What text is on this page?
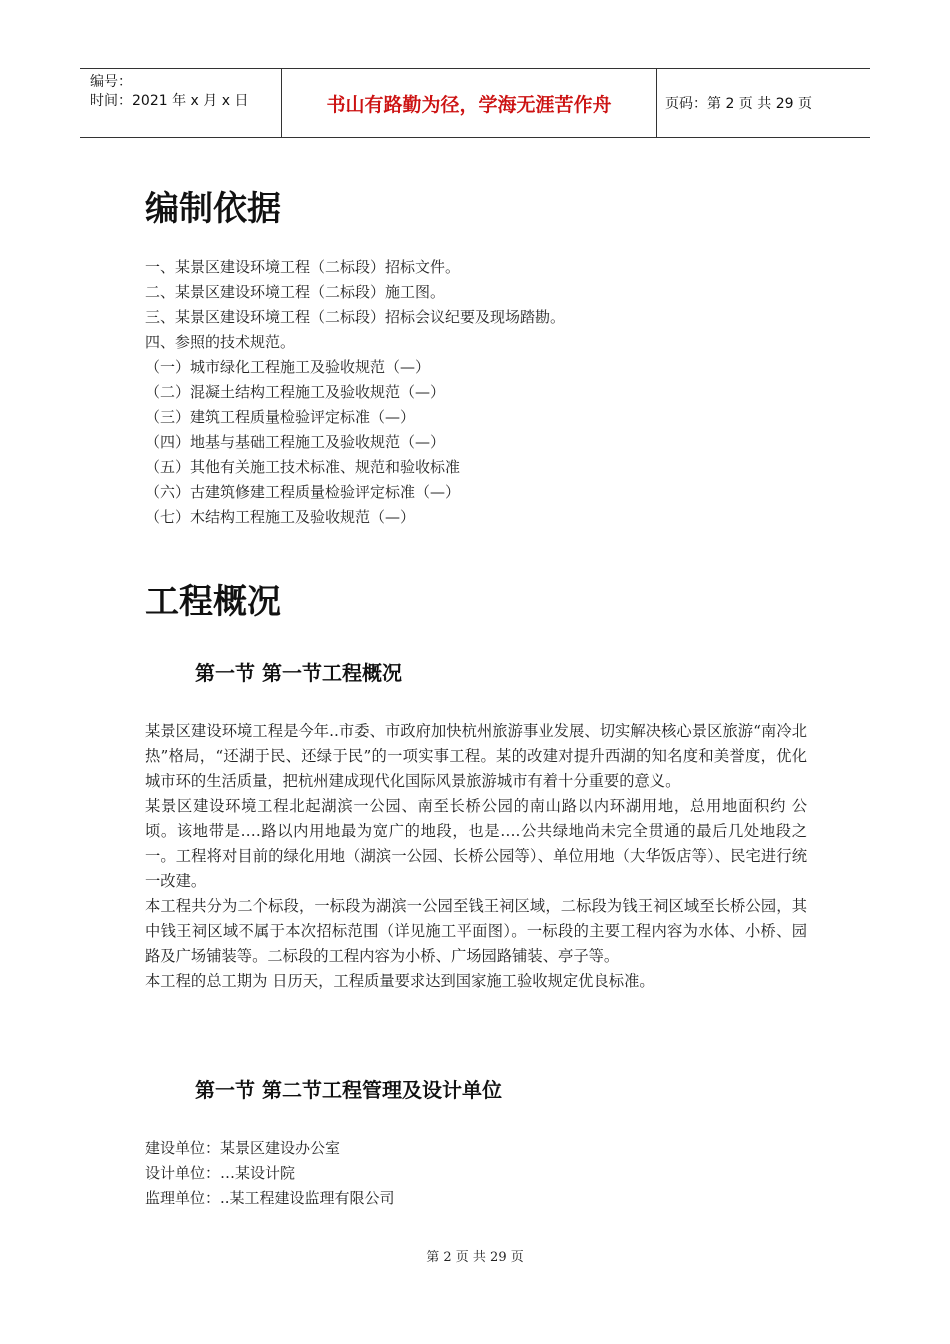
编号：
时间：2021 年 x 月 x 日	书山有路勤为径，学海无涯苦作舟	页码：第 2 页 共 29 页
编制依据
一、某景区建设环境工程（二标段）招标文件。
二、某景区建设环境工程（二标段）施工图。
三、某景区建设环境工程（二标段）招标会议纪要及现场踏勘。
四、参照的技术规范。
（一）城市绿化工程施工及验收规范（—）
（二）混凝土结构工程施工及验收规范（—）
（三）建筑工程质量检验评定标准（—）
（四）地基与基础工程施工及验收规范（—）
（五）其他有关施工技术标准、规范和验收标准
（六）古建筑修建工程质量检验评定标准（—）
（七）木结构工程施工及验收规范（—）
工程概况
第一节 第一节工程概况

某景区建设环境工程是今年..市委、市政府加快杭州旅游事业发展、切实解决核心景区旅游“南冷北热”格局，“还湖于民、还绿于民”的一项实事工程。某的改建对提升西湖的知名度和美誉度，优化城市环的生活质量，把杭州建成现代化国际风景旅游城市有着十分重要的意义。

某景区建设环境工程北起湖滨一公园、南至长桥公园的南山路以内环湖用地，总用地面积约 公顷。该地带是….路以内用地最为宽广的地段，也是….公共绿地尚未完全贯通的最后几处地段之一。工程将对目前的绿化用地（湖滨一公园、长桥公园等）、单位用地（大华饭店等）、民宅进行统一改建。

本工程共分为二个标段，一标段为湖滨一公园至钱王祠区域，二标段为钱王祠区域至长桥公园，其中钱王祠区域不属于本次招标范围（详见施工平面图）。一标段的主要工程内容为水体、小桥、园路及广场铺装等。二标段的工程内容为小桥、广场园路铺装、亭子等。

本工程的总工期为 日历天，工程质量要求达到国家施工验收规定优良标准。

第一节 第二节工程管理及设计单位
建设单位：某景区建设办公室
设计单位：…某设计院
监理单位：..某工程建设监理有限公司
第 2 页 共 29 页
